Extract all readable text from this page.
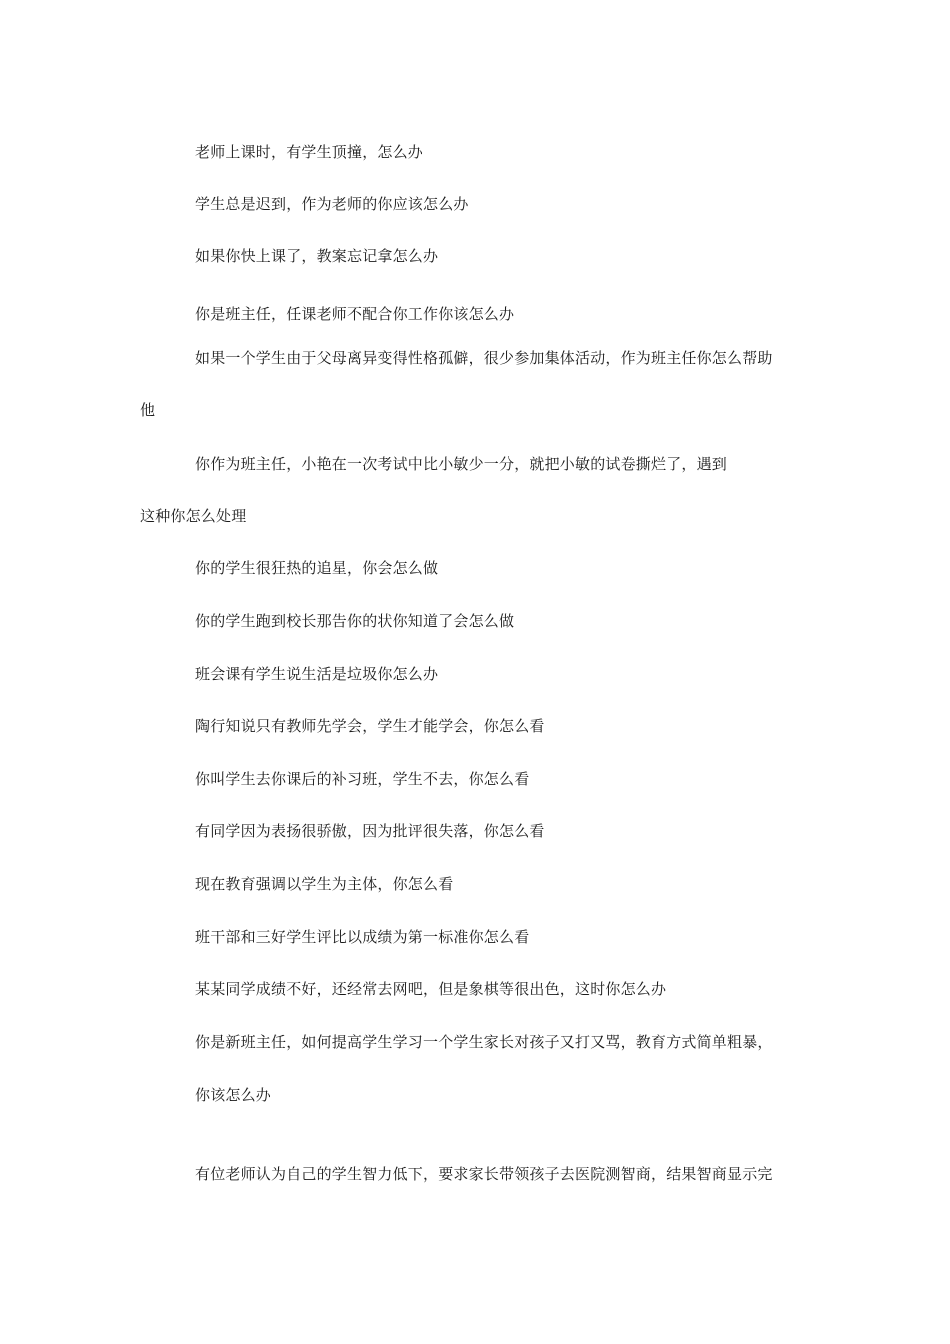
老师上课时，有学生顶撞，怎么办
学生总是迟到，作为老师的你应该怎么办
如果你快上课了，教案忘记拿怎么办
你是班主任，任课老师不配合你工作你该怎么办
如果一个学生由于父母离异变得性格孤僻，很少参加集体活动，作为班主任你怎么帮助
他
你作为班主任，小艳在一次考试中比小敏少一分，就把小敏的试卷撕烂了，遇到
这种你怎么处理
你的学生很狂热的追星，你会怎么做
你的学生跑到校长那告你的状你知道了会怎么做
班会课有学生说生活是垃圾你怎么办
陶行知说只有教师先学会，学生才能学会，你怎么看
你叫学生去你课后的补习班，学生不去，你怎么看
有同学因为表扬很骄傲，因为批评很失落，你怎么看
现在教育强调以学生为主体，你怎么看
班干部和三好学生评比以成绩为第一标准你怎么看
某某同学成绩不好，还经常去网吧，但是象棋等很出色，这时你怎么办
你是新班主任，如何提高学生学习一个学生家长对孩子又打又骂，教育方式简单粗暴，
你该怎么办
有位老师认为自己的学生智力低下，要求家长带领孩子去医院测智商，结果智商显示完
